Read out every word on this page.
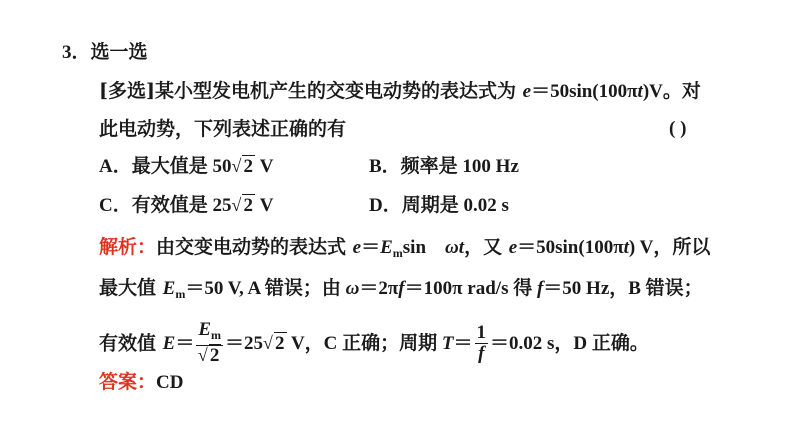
3．选一选
[多选]某小型发电机产生的交变电动势的表达式为 e＝50sin(100πt)V。对
此电动势，下列表述正确的有	( )
A．最大值是 50 √ 2 V	B．频率是 100 Hz
C．有效值是 25 √ 2 V	D．周期是 0.02 s
解析：由交变电动势的表达式 $e=E_m\sin$　ωt，又 e＝50sin(100πt) V，所以
最大值 $E_m=50$ V, A 错误；由 ω＝2πf＝100π rad/s 得 f＝50 Hz，B 错误；
有效值 $E= \frac{E_m}{√ 2} =25$ √ 2 V，C 正确；周期 $T= \frac{1}{f} =0.02$ s，D 正确。
答案：CD
